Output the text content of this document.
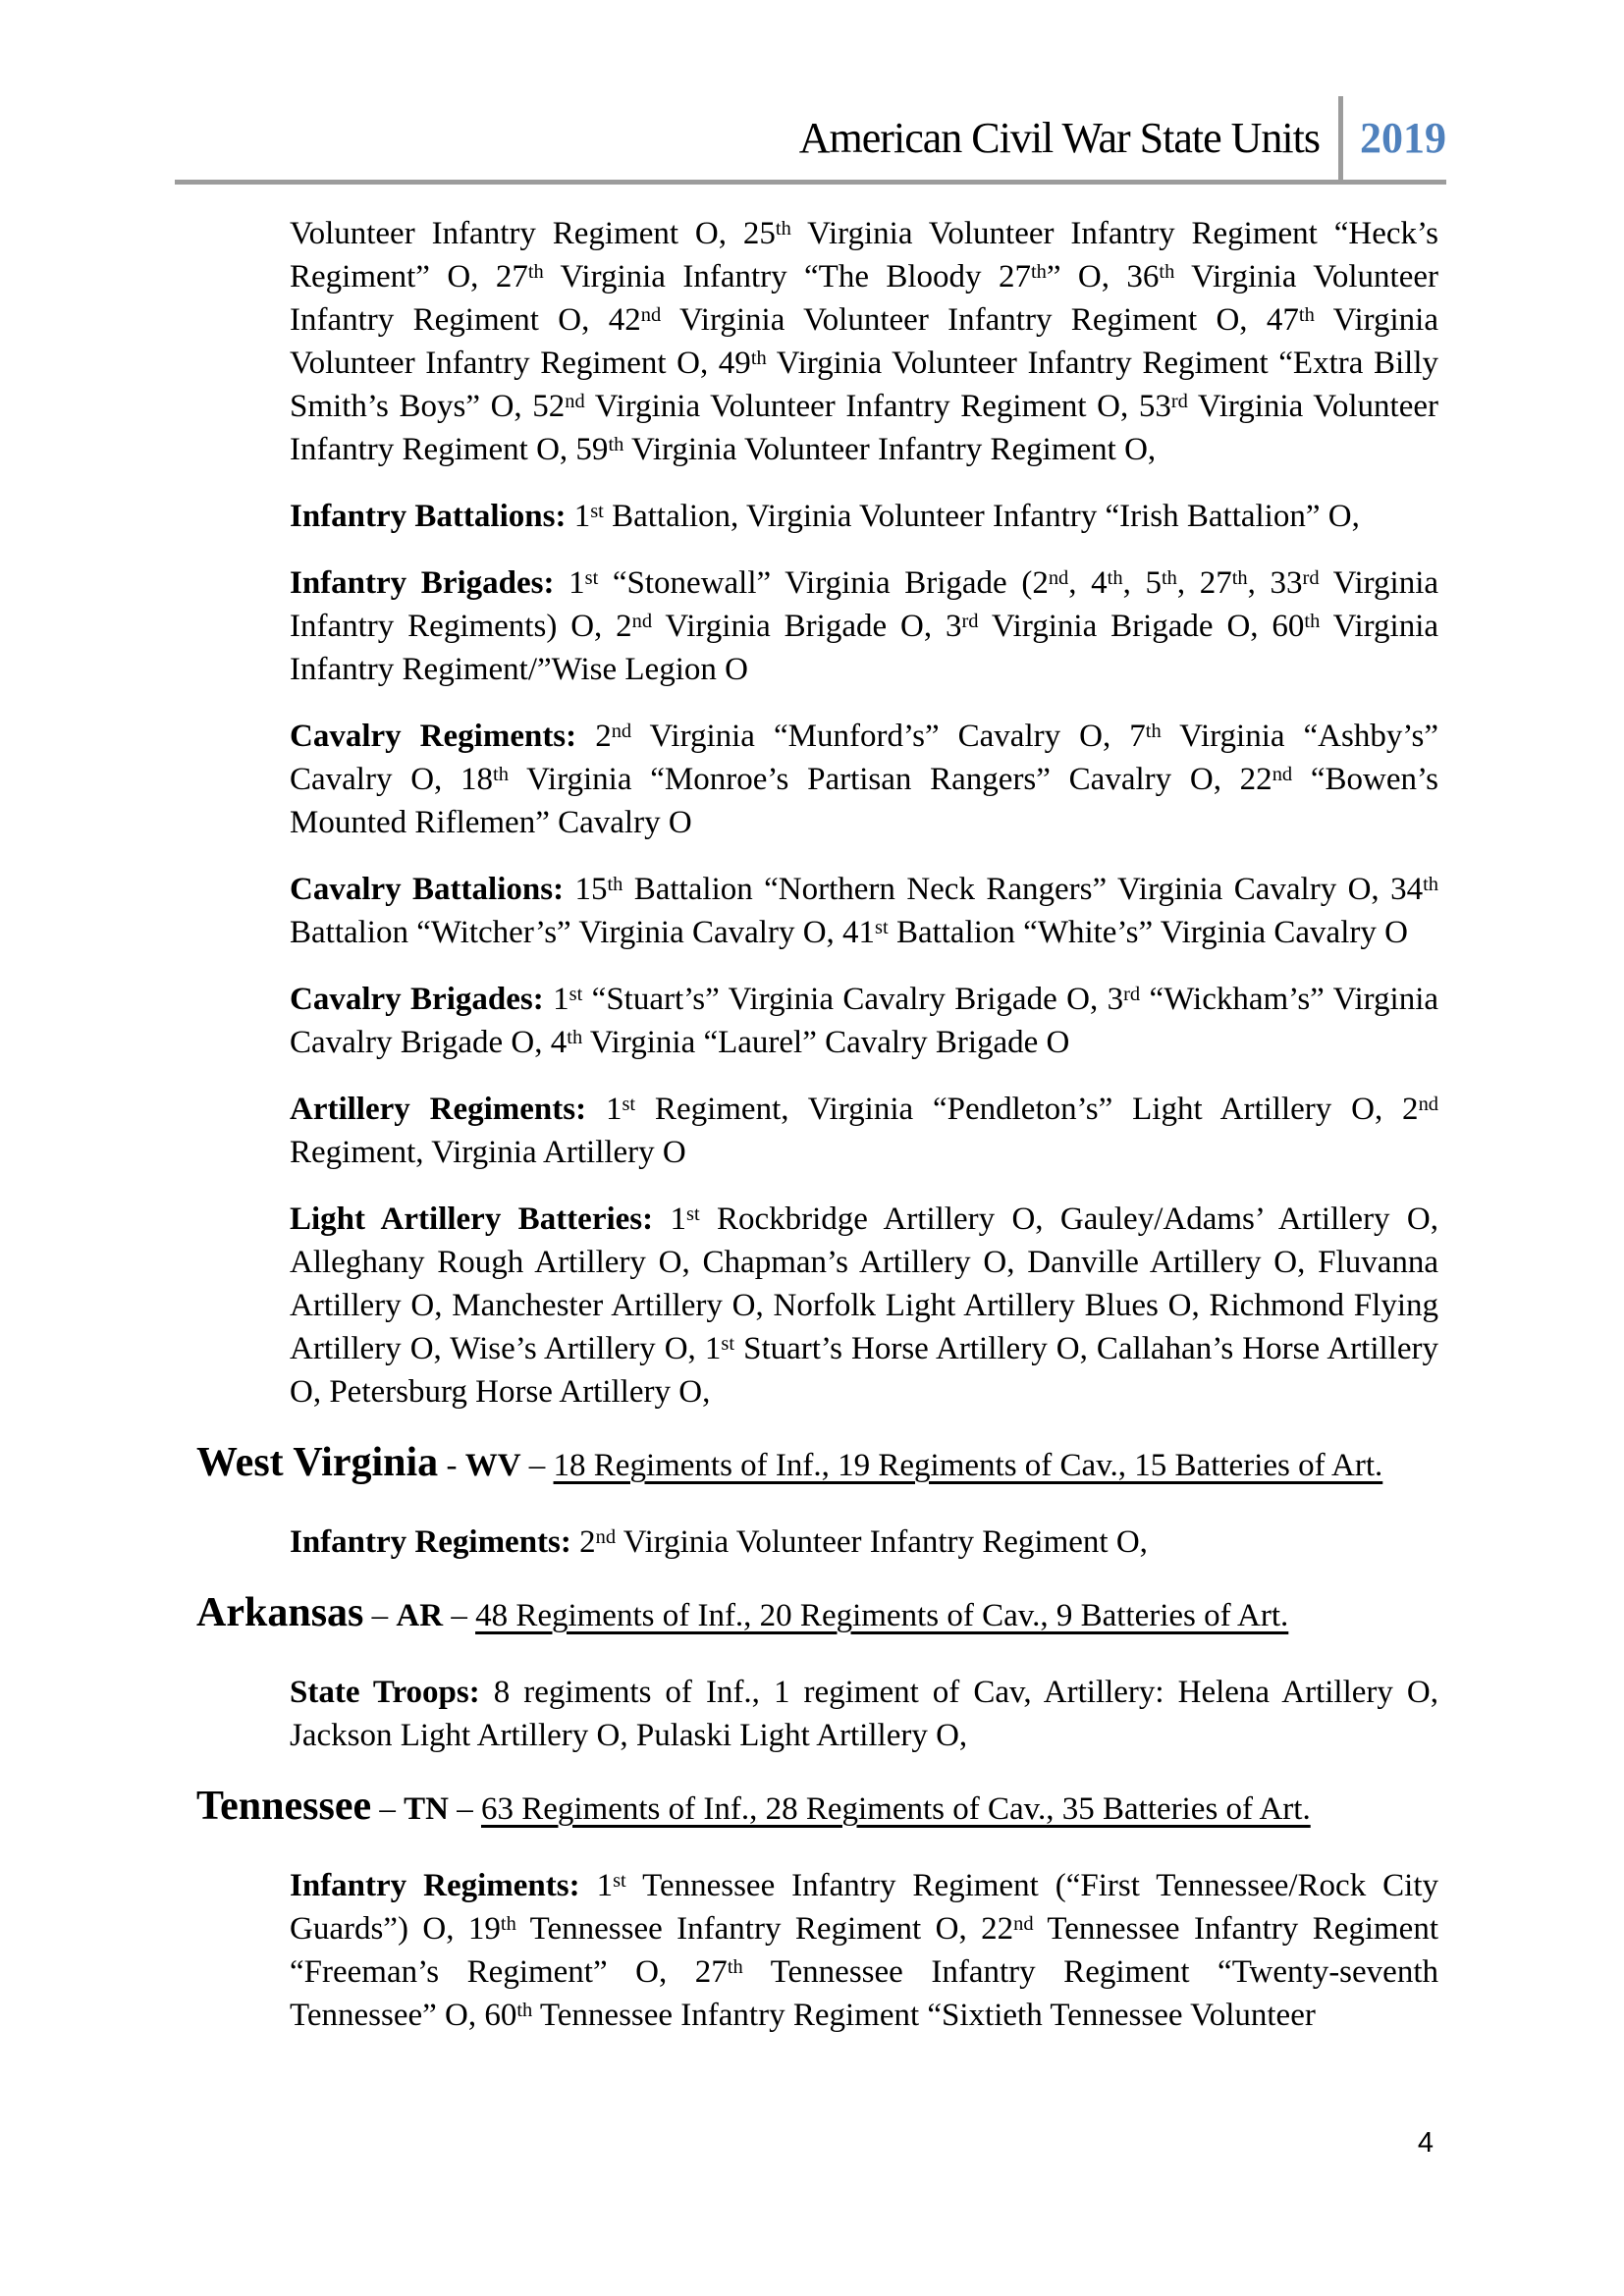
American Civil War State Units 2019

Volunteer Infantry Regiment O, 25th Virginia Volunteer Infantry Regiment “Heck’s Regiment” O, 27th Virginia Infantry “The Bloody 27th” O, 36th Virginia Volunteer Infantry Regiment O, 42nd Virginia Volunteer Infantry Regiment O, 47th Virginia Volunteer Infantry Regiment O, 49th Virginia Volunteer Infantry Regiment “Extra Billy Smith’s Boys” O, 52nd Virginia Volunteer Infantry Regiment O, 53rd Virginia Volunteer Infantry Regiment O, 59th Virginia Volunteer Infantry Regiment O,

Infantry Battalions: 1st Battalion, Virginia Volunteer Infantry “Irish Battalion” O,

Infantry Brigades: 1st “Stonewall” Virginia Brigade (2nd, 4th, 5th, 27th, 33rd Virginia Infantry Regiments) O, 2nd Virginia Brigade O, 3rd Virginia Brigade O, 60th Virginia Infantry Regiment/”Wise Legion O

Cavalry Regiments: 2nd Virginia “Munford’s” Cavalry O, 7th Virginia “Ashby’s” Cavalry O, 18th Virginia “Monroe’s Partisan Rangers” Cavalry O, 22nd “Bowen’s Mounted Riflemen” Cavalry O

Cavalry Battalions: 15th Battalion “Northern Neck Rangers” Virginia Cavalry O, 34th Battalion “Witcher’s” Virginia Cavalry O, 41st Battalion “White’s” Virginia Cavalry O

Cavalry Brigades: 1st “Stuart’s” Virginia Cavalry Brigade O, 3rd “Wickham’s” Virginia Cavalry Brigade O, 4th Virginia “Laurel” Cavalry Brigade O

Artillery Regiments: 1st Regiment, Virginia “Pendleton’s” Light Artillery O, 2nd Regiment, Virginia Artillery O

Light Artillery Batteries: 1st Rockbridge Artillery O, Gauley/Adams’ Artillery O, Alleghany Rough Artillery O, Chapman’s Artillery O, Danville Artillery O, Fluvanna Artillery O, Manchester Artillery O, Norfolk Light Artillery Blues O, Richmond Flying Artillery O, Wise’s Artillery O, 1st Stuart’s Horse Artillery O, Callahan’s Horse Artillery O, Petersburg Horse Artillery O,

West Virginia - WV – 18 Regiments of Inf., 19 Regiments of Cav., 15 Batteries of Art.

Infantry Regiments: 2nd Virginia Volunteer Infantry Regiment O,

Arkansas – AR – 48 Regiments of Inf., 20 Regiments of Cav., 9 Batteries of Art.

State Troops: 8 regiments of Inf., 1 regiment of Cav, Artillery: Helena Artillery O, Jackson Light Artillery O, Pulaski Light Artillery O,

Tennessee – TN – 63 Regiments of Inf., 28 Regiments of Cav., 35 Batteries of Art.

Infantry Regiments: 1st Tennessee Infantry Regiment (“First Tennessee/Rock City Guards”) O, 19th Tennessee Infantry Regiment O, 22nd Tennessee Infantry Regiment “Freeman’s Regiment” O, 27th Tennessee Infantry Regiment “Twenty-seventh Tennessee” O, 60th Tennessee Infantry Regiment “Sixtieth Tennessee Volunteer

4
